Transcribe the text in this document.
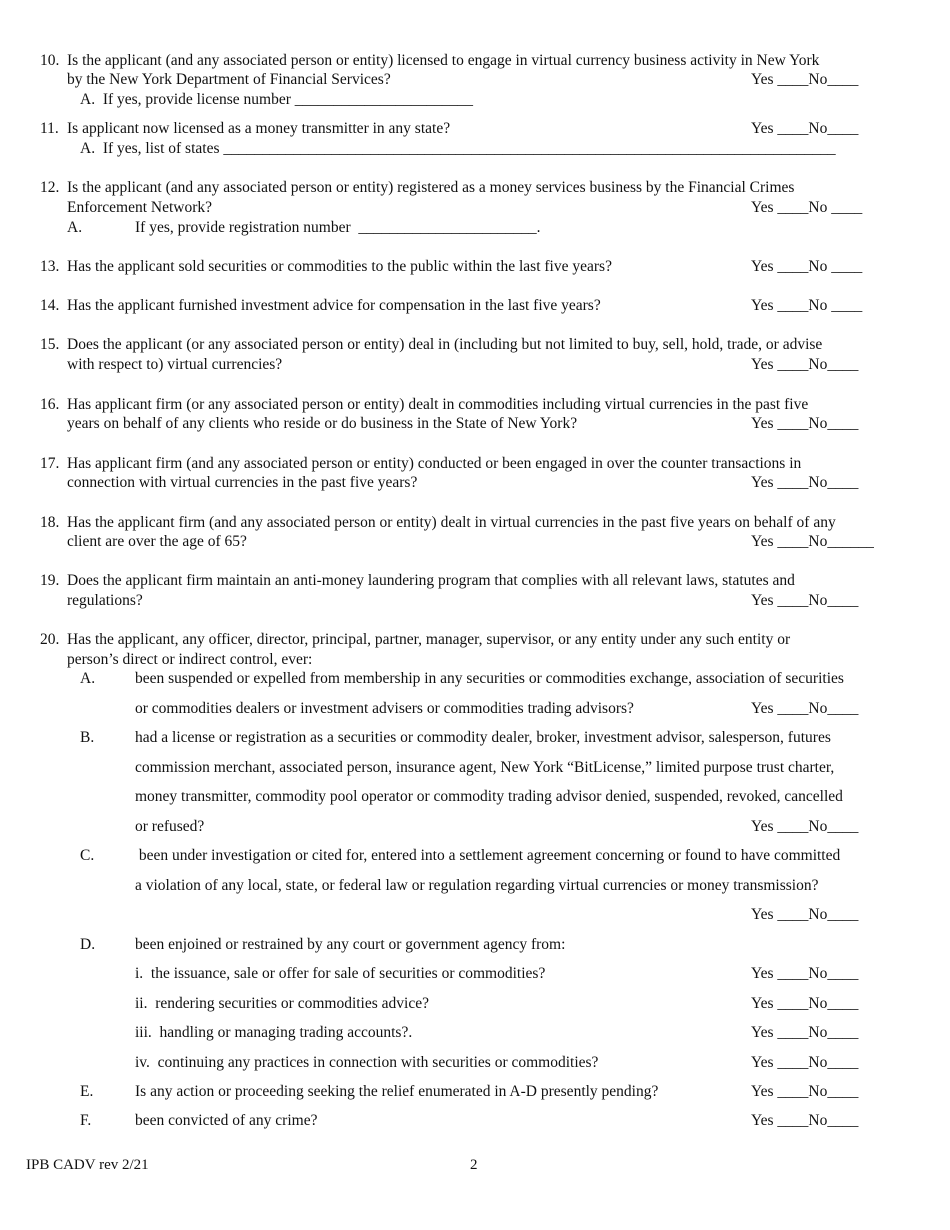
10. Is the applicant (and any associated person or entity) licensed to engage in virtual currency business activity in New York
by the New York Department of Financial Services?	Yes ____No____
A.  If yes, provide license number _______________________
11. Is applicant now licensed as a money transmitter in any state?	Yes ____No____
A.  If yes, list of states _______________________________________________________________________________
12. Is the applicant (and any associated person or entity) registered as a money services business by the Financial Crimes
Enforcement Network?	Yes ____No ____
A.	If yes, provide registration number  _______________________.
13. Has the applicant sold securities or commodities to the public within the last five years?	Yes ____No ____
14. Has the applicant furnished investment advice for compensation in the last five years?	Yes ____No ____
15. Does the applicant (or any associated person or entity) deal in (including but not limited to buy, sell, hold, trade, or advise
with respect to) virtual currencies?	Yes ____No____
16. Has applicant firm (or any associated person or entity) dealt in commodities including virtual currencies in the past five
years on behalf of any clients who reside or do business in the State of New York?	Yes ____No____
17. Has applicant firm (and any associated person or entity) conducted or been engaged in over the counter transactions in
connection with virtual currencies in the past five years?	Yes ____No____
18. Has the applicant firm (and any associated person or entity) dealt in virtual currencies in the past five years on behalf of any
client are over the age of 65?	Yes ____No______
19. Does the applicant firm maintain an anti-money laundering program that complies with all relevant laws, statutes and
regulations?	Yes ____No____
20. Has the applicant, any officer, director, principal, partner, manager, supervisor, or any entity under any such entity or
person’s direct or indirect control, ever:
A.	been suspended or expelled from membership in any securities or commodities exchange, association of securities
or commodities dealers or investment advisers or commodities trading advisors?	Yes ____No____
B.	had a license or registration as a securities or commodity dealer, broker, investment advisor, salesperson, futures
commission merchant, associated person, insurance agent, New York “BitLicense,” limited purpose trust charter,
money transmitter, commodity pool operator or commodity trading advisor denied, suspended, revoked, cancelled
or refused?	Yes ____No____
C.	been under investigation or cited for, entered into a settlement agreement concerning or found to have committed
a violation of any local, state, or federal law or regulation regarding virtual currencies or money transmission?
Yes ____No____
D.	been enjoined or restrained by any court or government agency from:
i.  the issuance, sale or offer for sale of securities or commodities?	Yes ____No____
ii.  rendering securities or commodities advice?	Yes ____No____
iii.  handling or managing trading accounts?.	Yes ____No____
iv.  continuing any practices in connection with securities or commodities?	Yes ____No____
E.	Is any action or proceeding seeking the relief enumerated in A-D presently pending?	Yes ____No____
F.	been convicted of any crime?	Yes ____No____
IPB CADV rev 2/21	2
